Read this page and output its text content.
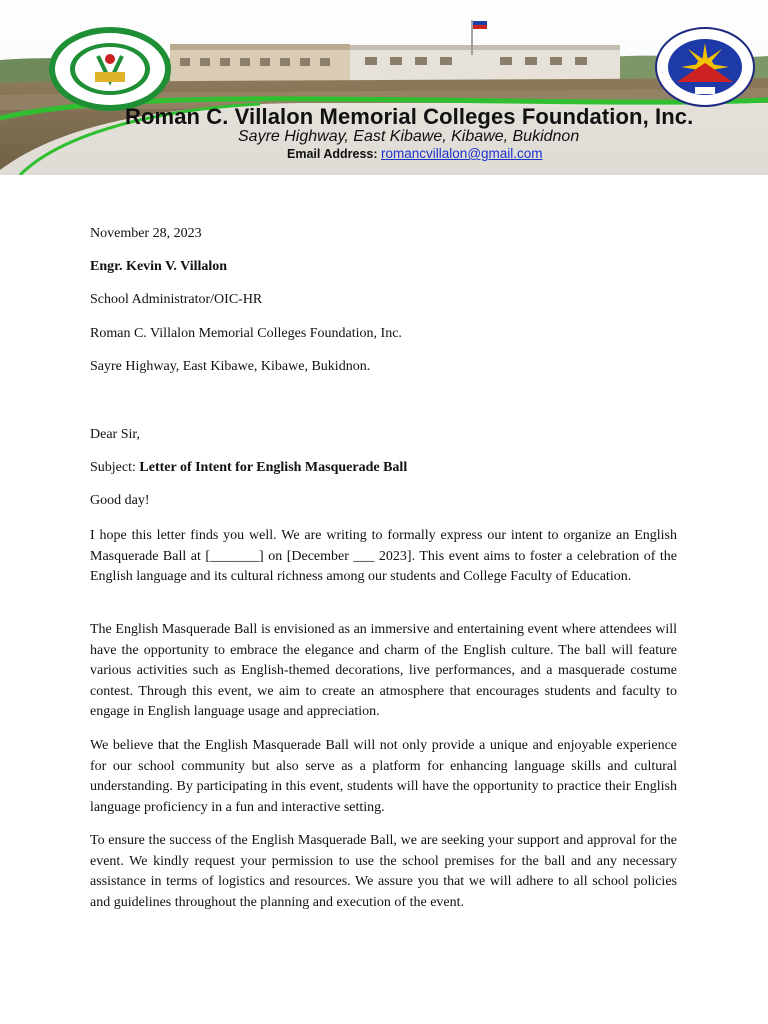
Roman C. Villalon Memorial Colleges Foundation, Inc.
Sayre Highway, East Kibawe, Kibawe, Bukidnon
Email Address: romancvillalon@gmail.com
November 28, 2023
Engr. Kevin V. Villalon
School Administrator/OIC-HR
Roman C. Villalon Memorial Colleges Foundation, Inc.
Sayre Highway, East Kibawe, Kibawe, Bukidnon.
Dear Sir,
Subject: Letter of Intent for English Masquerade Ball
Good day!
I hope this letter finds you well. We are writing to formally express our intent to organize an English Masquerade Ball at [_______] on [December ___ 2023]. This event aims to foster a celebration of the English language and its cultural richness among our students and College Faculty of Education.
The English Masquerade Ball is envisioned as an immersive and entertaining event where attendees will have the opportunity to embrace the elegance and charm of the English culture. The ball will feature various activities such as English-themed decorations, live performances, and a masquerade costume contest. Through this event, we aim to create an atmosphere that encourages students and faculty to engage in English language usage and appreciation.
We believe that the English Masquerade Ball will not only provide a unique and enjoyable experience for our school community but also serve as a platform for enhancing language skills and cultural understanding. By participating in this event, students will have the opportunity to practice their English language proficiency in a fun and interactive setting.
To ensure the success of the English Masquerade Ball, we are seeking your support and approval for the event. We kindly request your permission to use the school premises for the ball and any necessary assistance in terms of logistics and resources. We assure you that we will adhere to all school policies and guidelines throughout the planning and execution of the event.
